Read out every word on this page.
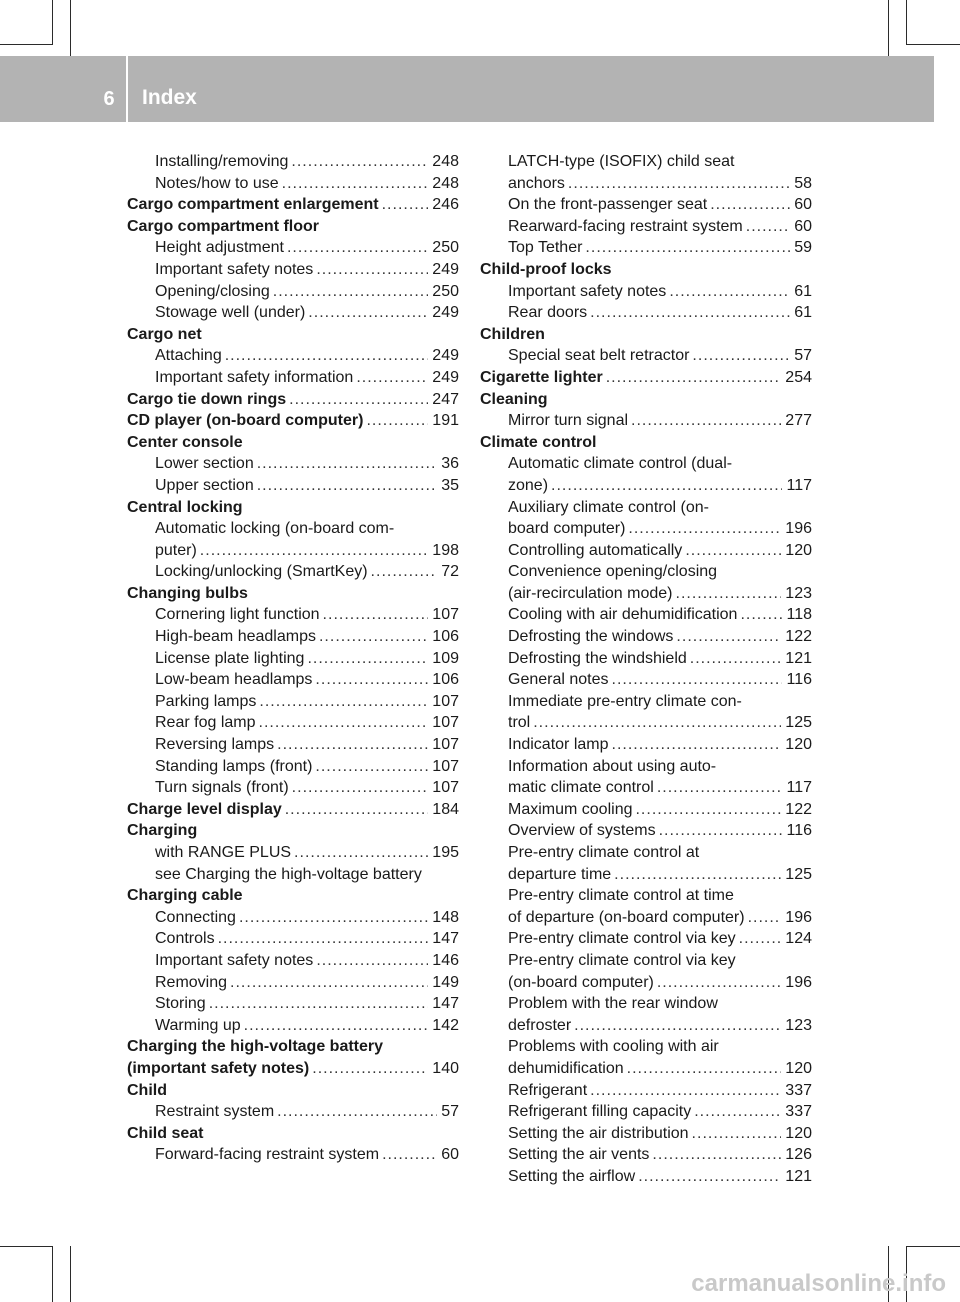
6	Index
Installing/removing .....	248
Notes/how to use .....	248
Cargo compartment enlargement .....	246
Cargo compartment floor
Height adjustment .....	250
Important safety notes .....	249
Opening/closing .....	250
Stowage well (under) .....	249
Cargo net
Attaching .....	249
Important safety information .....	249
Cargo tie down rings .....	247
CD player (on-board computer) .....	191
Center console
Lower section .....	36
Upper section .....	35
Central locking
Automatic locking (on-board com-
puter) .....	198
Locking/unlocking (SmartKey) .....	72
Changing bulbs
Cornering light function .....	107
High-beam headlamps .....	106
License plate lighting .....	109
Low-beam headlamps .....	106
Parking lamps .....	107
Rear fog lamp .....	107
Reversing lamps .....	107
Standing lamps (front) .....	107
Turn signals (front) .....	107
Charge level display .....	184
Charging
with RANGE PLUS .....	195
see Charging the high-voltage battery
Charging cable
Connecting .....	148
Controls .....	147
Important safety notes .....	146
Removing .....	149
Storing .....	147
Warming up .....	142
Charging the high-voltage battery
(important safety notes) .....	140
Child
Restraint system .....	57
Child seat
Forward-facing restraint system .....	60
LATCH-type (ISOFIX) child seat
anchors .....	58
On the front-passenger seat .....	60
Rearward-facing restraint system .....	60
Top Tether .....	59
Child-proof locks
Important safety notes .....	61
Rear doors .....	61
Children
Special seat belt retractor .....	57
Cigarette lighter .....	254
Cleaning
Mirror turn signal .....	277
Climate control
Automatic climate control (dual-
zone) .....	117
Auxiliary climate control (on-
board computer) .....	196
Controlling automatically .....	120
Convenience opening/closing
(air-recirculation mode) .....	123
Cooling with air dehumidification .....	118
Defrosting the windows .....	122
Defrosting the windshield .....	121
General notes .....	116
Immediate pre-entry climate con-
trol .....	125
Indicator lamp .....	120
Information about using auto-
matic climate control .....	117
Maximum cooling .....	122
Overview of systems .....	116
Pre-entry climate control at
departure time .....	125
Pre-entry climate control at time
of departure (on-board computer) .....	196
Pre-entry climate control via key .....	124
Pre-entry climate control via key
(on-board computer) .....	196
Problem with the rear window
defroster .....	123
Problems with cooling with air
dehumidification .....	120
Refrigerant .....	337
Refrigerant filling capacity .....	337
Setting the air distribution .....	120
Setting the air vents .....	126
Setting the airflow .....	121
carmanualsonline.info
